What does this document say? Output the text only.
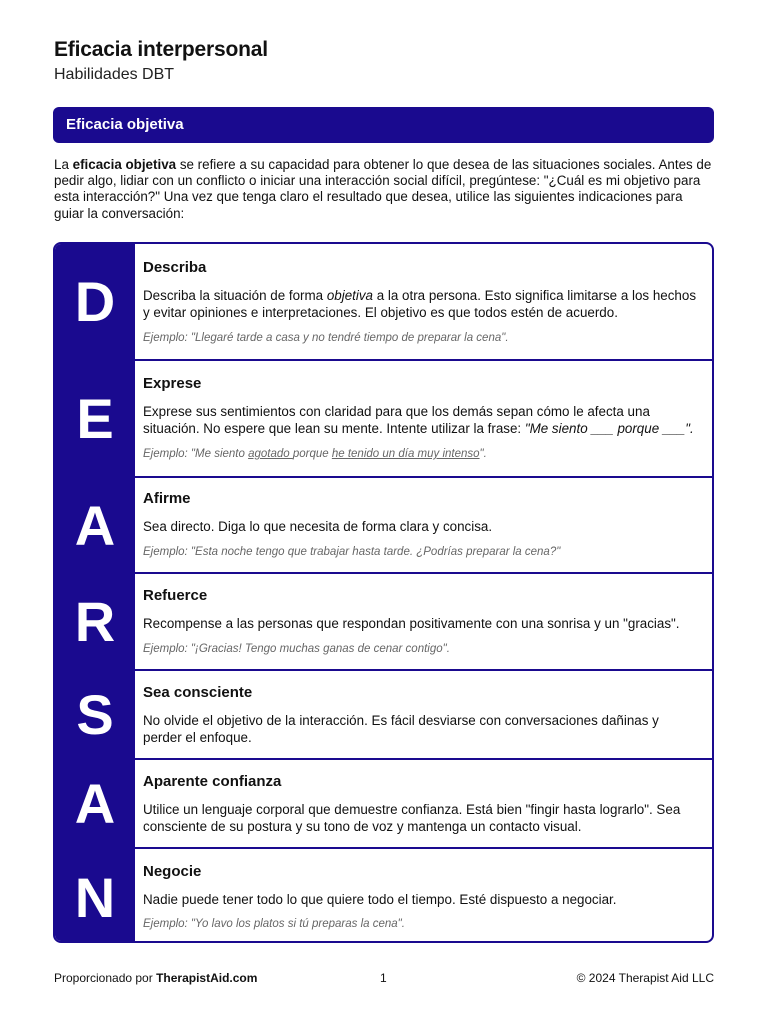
Eficacia interpersonal
Habilidades DBT
Eficacia objetiva

La eficacia objetiva se refiere a su capacidad para obtener lo que desea de las situaciones sociales. Antes de pedir algo, lidiar con un conflicto o iniciar una interacción social difícil, pregúntese: "¿Cuál es mi objetivo para esta interacción?" Una vez que tenga claro el resultado que desea, utilice las siguientes indicaciones para guiar la conversación:

D
Describa
Describa la situación de forma objetiva a la otra persona. Esto significa limitarse a los hechos y evitar opiniones e interpretaciones. El objetivo es que todos estén de acuerdo.
Ejemplo: "Llegaré tarde a casa y no tendré tiempo de preparar la cena".
E
Exprese
Exprese sus sentimientos con claridad para que los demás sepan cómo le afecta una situación. No espere que lean su mente. Intente utilizar la frase: "Me siento ___ porque ___".
Ejemplo: "Me siento agotado porque he tenido un día muy intenso".
A	Afirme
Sea directo. Diga lo que necesita de forma clara y concisa.
Ejemplo: "Esta noche tengo que trabajar hasta tarde. ¿Podrías preparar la cena?"
R	Refuerce
Recompense a las personas que respondan positivamente con una sonrisa y un "gracias".
Ejemplo: "¡Gracias! Tengo muchas ganas de cenar contigo".
S	Sea consciente
No olvide el objetivo de la interacción. Es fácil desviarse con conversaciones dañinas y perder el enfoque.
A	Aparente confianza
Utilice un lenguaje corporal que demuestre confianza. Está bien "fingir hasta lograrlo". Sea consciente de su postura y su tono de voz y mantenga un contacto visual.
N	Negocie
Nadie puede tener todo lo que quiere todo el tiempo. Esté dispuesto a negociar.
Ejemplo: "Yo lavo los platos si tú preparas la cena".
Proporcionado por TherapistAid.com	1	© 2024 Therapist Aid LLC
